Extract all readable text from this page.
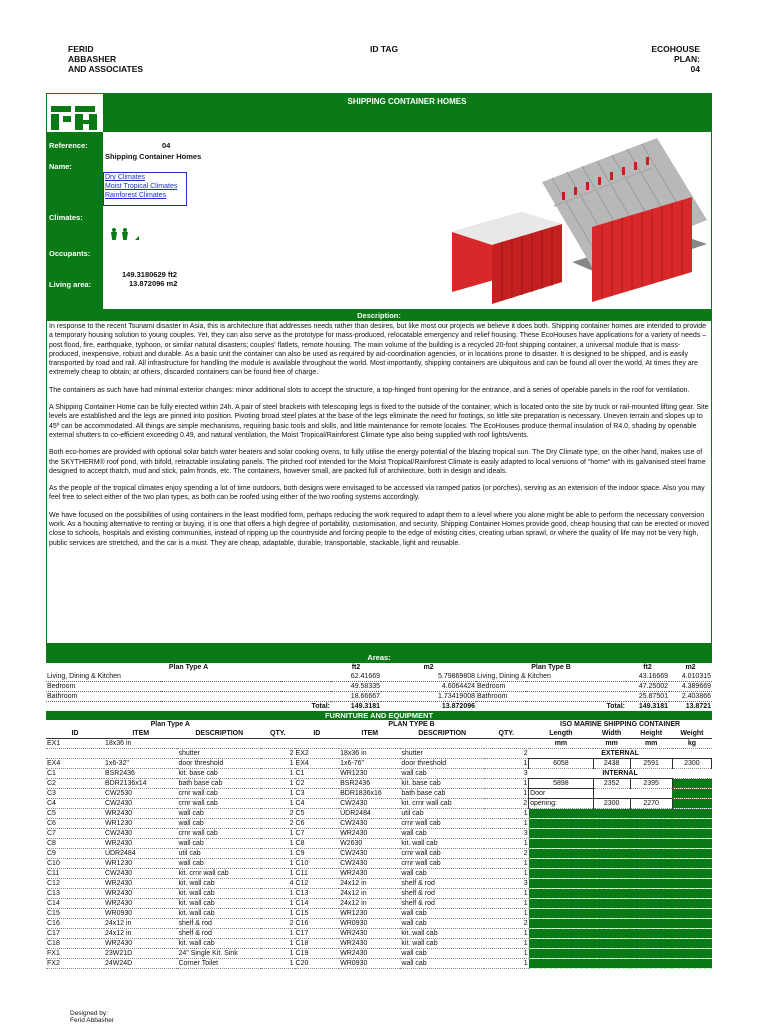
FERID
ABBASHER
AND ASSOCIATES
ID TAG	ECOHOUSE
PLAN:
04
SHIPPING CONTAINER HOMES
Reference:	04
Shipping Container Homes
Name:
Dry Climates
Moist Tropical Climates
Rainforest Climates
Climates:
Occupants:

149.3180629 ft2
13.872096 m2
Living area:
Description:

In response to the recent Tsunami disaster in Asia, this is architecture that addresses needs rather than desires, but like most our projects we believe it does both. Shipping container homes are intended to provide a temporary housing solution to young couples. Yet, they can also serve as the prototype for mass-produced, relocatable emergency and relief housing. These EcoHouses have applications for a variety of needs – post flood, fire, earthquake, typhoon, or similar natural disasters; couples' flatlets, remote housing. The main volume of the building is a recycled 20-foot shipping container, a universal module that is mass-produced, inexpensive, robust and durable. As a basic unit the container can also be used as required by aid-coordination agencies, or in locations prone to disaster. It is designed to be shipped, and is easily transported by road and rail. All infrastructure for handling the module is available throughout the world. Most importantly, shipping containers are ubiquitous and can be found all over the world. At times they are extremely cheap to obtain; at others, discarded containers can be found free of charge.

The containers as such have had minimal exterior changes: minor additional slots to accept the structure, a top-hinged front opening for the entrance, and a series of operable panels in the roof for ventilation.

A Shipping Container Home can be fully erected within 24h. A pair of steel brackets with telescoping legs is fixed to the outside of the container, which is located onto the site by truck or rail-mounted lifting gear. Site levels are established and the legs are pinned into position. Pivoting broad steel plates at the base of the legs eliminate the need for footings, so little site preparation is necessary. Uneven terrain and slopes up to 45º can be accommodated. All things are simple mechanisms, requiring basic tools and skills, and little maintenance for remote locales. The EcoHouses produce thermal insulation of R4.0, shading by openable external shutters to co-efficient exceeding 0.49, and natural ventilation, the Moist Tropical/Rainforest Climate type also being supplied with roof lights/vents.

Both eco-homes are provided with optional solar batch water heaters and solar cooking ovens, to fully utilise the energy potential of the blazing tropical sun. The Dry Climate type, on the other hand, makes use of the SKYTHERM® roof pond, with bifold, retractable insulating panels. The pitched roof intended for the Moist Tropical/Rainforest Climate is easily adapted to local versions of "home" with its galvanised steel frame designed to accept thatch, mud and stick, palm fronds, etc. The containers, however small, are packed full of architecture, both in design and ideals.

As the people of the tropical climates enjoy spending a lot of time outdoors, both designs were envisaged to be accessed via ramped patios (or porches), serving as an extension of the indoor space. Also you may feel free to select either of the two plan types, as both can be roofed using either of the two roofing systems accordingly.

We have focused on the possibilities of using containers in the least modified form, perhaps reducing the work required to adapt them to a level where you alone might be able to perform the necessary conversion work. As a housing alternative to renting or buying, it is one that offers a high degree of portability, customisation, and security. Shipping Container Homes provide good, cheap housing that can be erected or moved close to schools, hospitals and existing communities, instead of ripping up the countryside and forcing people to the edge of existing cities, creating urban sprawl, or where the quality of life may not be very high, public services are stretched, and the car is a must. They are cheap, adaptable, durable, transportable, stackable, light and reusable.

Areas:
Plan Type A	ft2	m2	Plan Type B	ft2	m2
Living, Dining & Kitchen	62.41669	5.79869808	Living, Dining & Kitchen	43.16669	4.010315
Bedroom	49.58335	4.6064424	Bedroom	47.25002	4.389669
Bathroom	18.66667	1.73419008	Bathroom	25.87501	2.403866
Total:	149.3181	13.872096	Total:	149.3181	13.8721
FURNITURE AND EQUIPMENT
Plan Type A				PLAN TYPE B				ISO MARINE SHIPPING CONTAINER			
ID	ITEM	DESCRIPTION	QTY.	ID	ITEM	DESCRIPTION	QTY.	Length	Width	Height	Weight
EX1	18x36 in							mm	mm	mm	kg
		shutter	2	EX2	18x36 in	shutter	2	EXTERNAL			
EX4	1x6-32"	door threshold	1	EX4	1x6-76"	door threshold	1	6058	2438	2591	2300
C1	BSR2436	kit. base cab	1	C1	WR1230	wall cab	3	INTERNAL			
C2	BDR2136x14	bath base cab	1	C2	BSR2436	kit. base cab	1	5898	2352	2395	
C3	CW2530	crnr wall cab	1	C3	BDR1836x16	bath base cab	1	Door			
C4	CW2430	crnr wall cab	1	C4	CW2430	kit. crnr wall cab	2	opening:	2300	2270	
C5	WR2430	wall cab	2	C5	UDR2484	util cab	1				
C6	WR1230	wall cab	2	C6	CW2430	crnr wall cab	1				
C7	CW2430	crnr wall cab	1	C7	WR2430	wall cab	3				
C8	WR2430	wall cab	1	C8	W2630	kit. wall cab	1				
C9	UDR2484	util cab	1	C9	CW2430	crnr wall cab	2				
C10	WR1230	wall cab	1	C10	CW2430	crnr wall cab	1				
C11	CW2430	kit. crnr wall cab	1	C11	WR2430	wall cab	1				
C12	WR2430	kit. wall cab	4	C12	24x12 in	shelf & rod	3				
C13	WR2430	kit. wall cab	1	C13	24x12 in	shelf & rod	1				
C14	WR2430	kit. wall cab	1	C14	24x12 in	shelf & rod	1				
C15	WR0930	kit. wall cab	1	C15	WR1230	wall cab	1				
C16	24x12 in	shelf & rod	2	C16	WR0930	wall cab	2				
C17	24x12 in	shelf & rod	1	C17	WR2430	kit. wall cab	1				
C18	WR2430	kit. wall cab	1	C18	WR2430	kit. wall cab	1				
FX1	23W21D	24" Single Kit. Sink	1	C19	WR2430	wall cab	1				
FX2	24W24D	Corner Toilet	1	C20	WR0930	wall cab	1				
Designed by:
Ferid Abbasher
